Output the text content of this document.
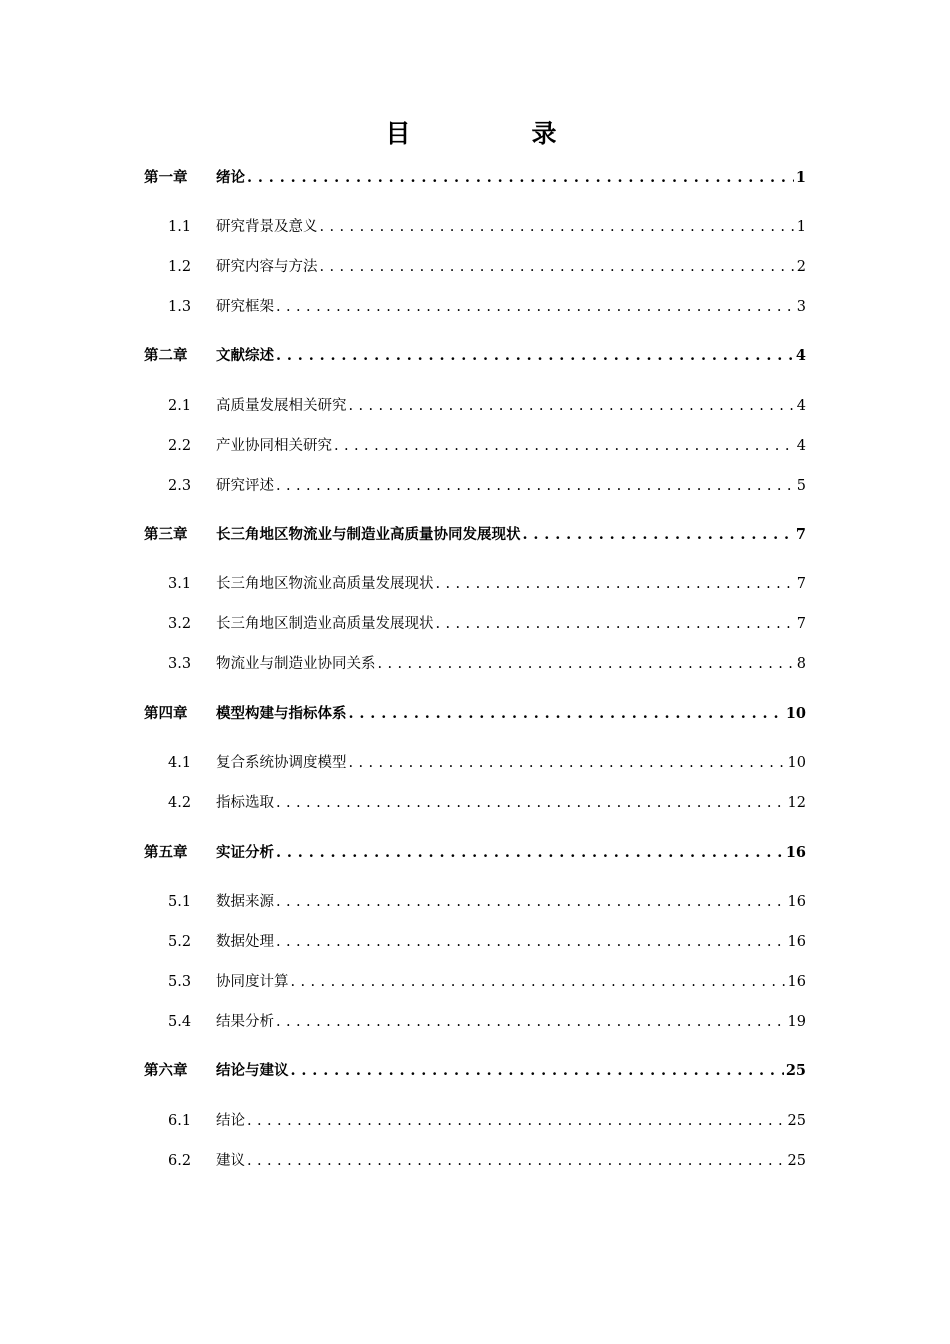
目　录
第一章	绪论 . . .	1
1.1	研究背景及意义 . . .	1
1.2	研究内容与方法 . . .	2
1.3	研究框架 . . .	3
第二章	文献综述 . . .	4
2.1	高质量发展相关研究 . . .	4
2.2	产业协同相关研究 . . .	4
2.3	研究评述 . . .	5
第三章	长三角地区物流业与制造业高质量协同发展现状 . . .	7
3.1	长三角地区物流业高质量发展现状 . . .	7
3.2	长三角地区制造业高质量发展现状 . . .	7
3.3	物流业与制造业协同关系 . . .	8
第四章	模型构建与指标体系 . . .	10
4.1	复合系统协调度模型 . . .	10
4.2	指标选取 . . .	12
第五章	实证分析 . . .	16
5.1	数据来源 . . .	16
5.2	数据处理 . . .	16
5.3	协同度计算 . . .	16
5.4	结果分析 . . .	19
第六章	结论与建议 . . .	25
6.1	结论 . . .	25
6.2	建议 . . .	25
